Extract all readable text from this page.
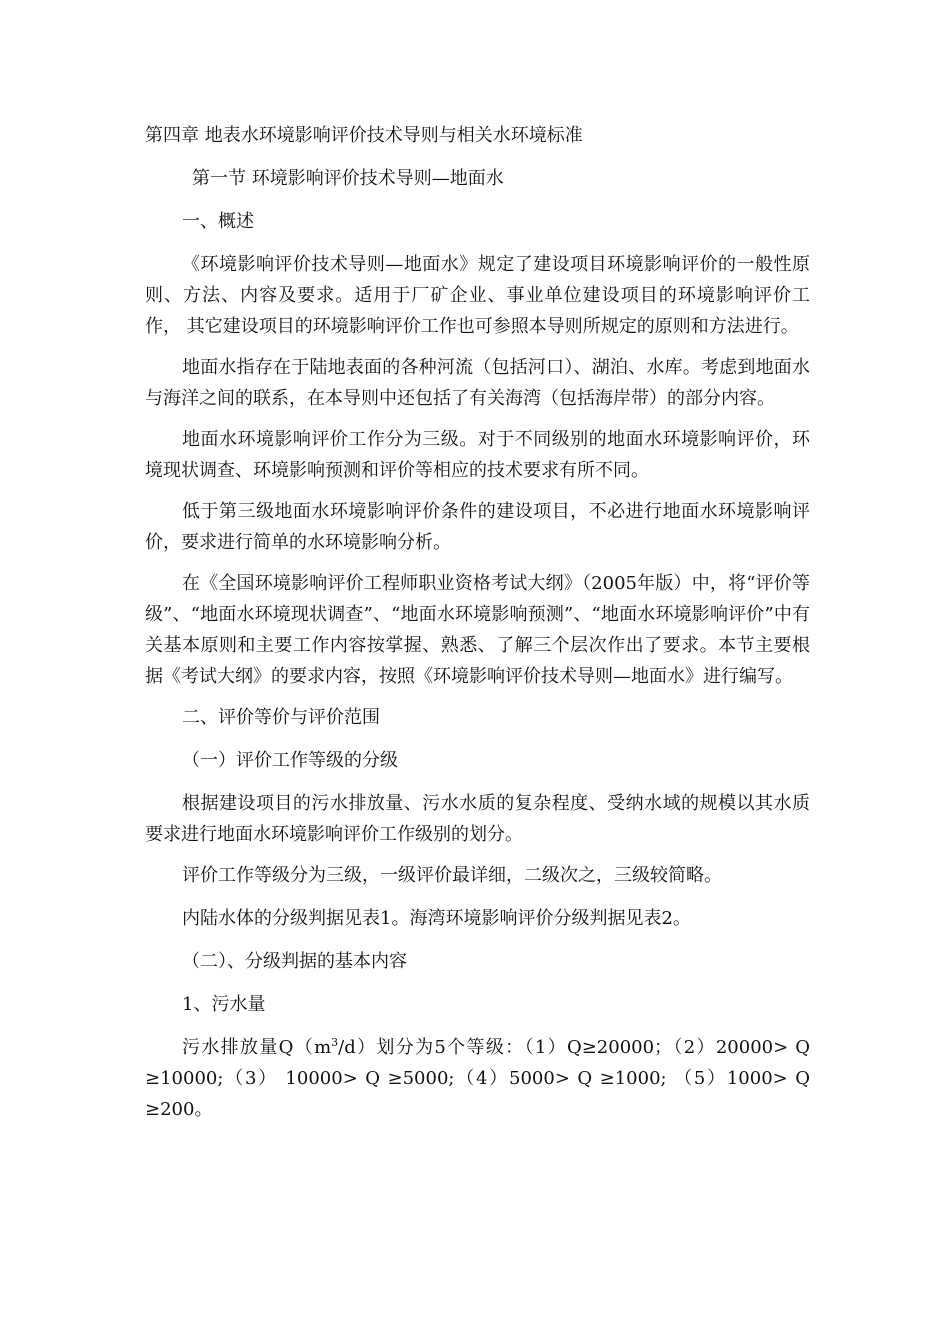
第四章 地表水环境影响评价技术导则与相关水环境标准

第一节 环境影响评价技术导则—地面水

一、概述

《环境影响评价技术导则—地面水》规定了建设项目环境影响评价的一般性原则、方法、内容及要求。适用于厂矿企业、事业单位建设项目的环境影响评价工作， 其它建设项目的环境影响评价工作也可参照本导则所规定的原则和方法进行。

地面水指存在于陆地表面的各种河流（包括河口）、湖泊、水库。考虑到地面水与海洋之间的联系，在本导则中还包括了有关海湾（包括海岸带）的部分内容。

地面水环境影响评价工作分为三级。对于不同级别的地面水环境影响评价，环境现状调查、环境影响预测和评价等相应的技术要求有所不同。

低于第三级地面水环境影响评价条件的建设项目，不必进行地面水环境影响评价，要求进行简单的水环境影响分析。

在《全国环境影响评价工程师职业资格考试大纲》（2005年版）中，将“评价等级”、“地面水环境现状调查”、“地面水环境影响预测”、“地面水环境影响评价”中有关基本原则和主要工作内容按掌握、熟悉、了解三个层次作出了要求。本节主要根据《考试大纲》的要求内容，按照《环境影响评价技术导则—地面水》进行编写。

二、评价等价与评价范围

（一）评价工作等级的分级

根据建设项目的污水排放量、污水水质的复杂程度、受纳水域的规模以其水质要求进行地面水环境影响评价工作级别的划分。

评价工作等级分为三级，一级评价最详细，二级次之，三级较简略。

内陆水体的分级判据见表1。海湾环境影响评价分级判据见表2。

（二）、分级判据的基本内容

1、污水量

污水排放量$Q(m^3/d)$划分为5个等级：（1）Q≥20000；（2）20000> Q ≥10000;（3） 10000> Q ≥5000;（4）5000> Q ≥1000; （5）1000> Q ≥200。
